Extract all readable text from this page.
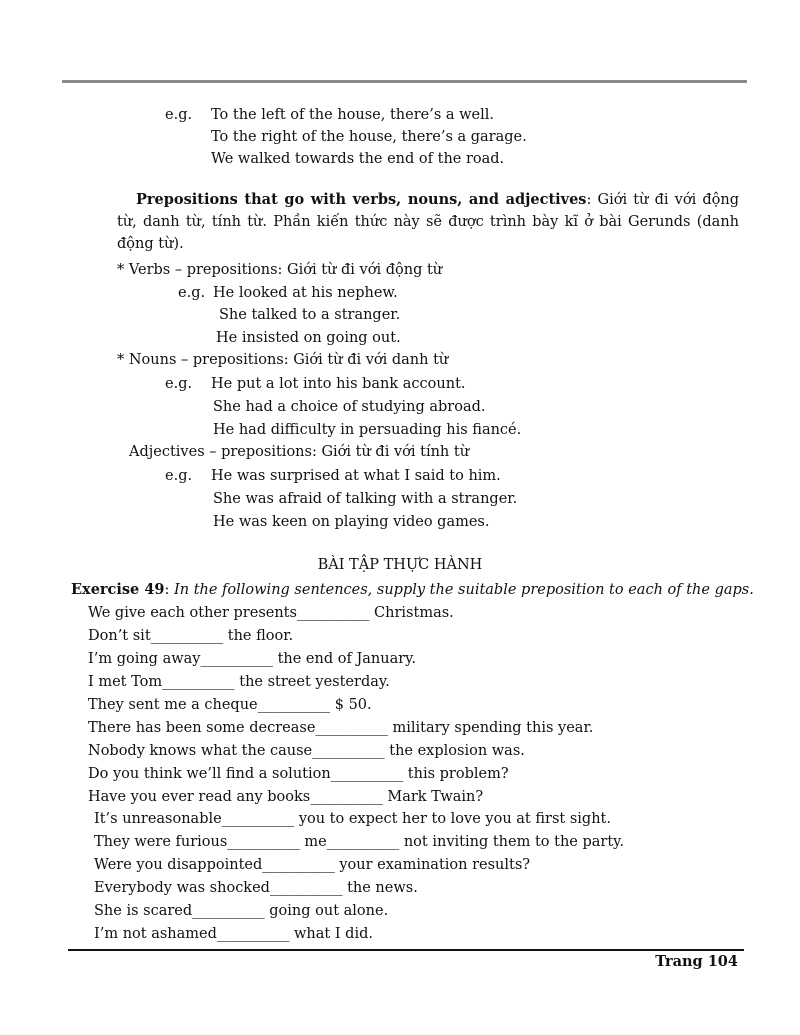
e.g. To the left of the house, there’s a well.
To the right of the house, there’s a garage.
We walked towards the end of the road.
Prepositions that go with verbs, nouns, and adjectives: Giới từ đi với động từ, danh từ, tính từ. Phần kiến thức này sẽ được trình bày kĩ ở bài Gerunds (danh động từ).
* Verbs – prepositions: Giới từ đi với động từ
e.g. He looked at his nephew.
She talked to a stranger.
He insisted on going out.
* Nouns – prepositions: Giới từ đi với danh từ
e.g. He put a lot into his bank account.
She had a choice of studying abroad.
He had difficulty in persuading his fiancé.
Adjectives – prepositions: Giới từ đi với tính từ
e.g. He was surprised at what I said to him.
She was afraid of talking with a stranger.
He was keen on playing video games.
BÀI TẬP THỰC HÀNH
Exercise 49: In the following sentences, supply the suitable preposition to each of the gaps.
We give each other presents__________ Christmas.
Don’t sit__________ the floor.
I’m going away__________ the end of January.
I met Tom__________ the street yesterday.
They sent me a cheque__________ $ 50.
There has been some decrease__________ military spending this year.
Nobody knows what the cause__________ the explosion was.
Do you think we’ll find a solution__________ this problem?
Have you ever read any books__________ Mark Twain?
It’s unreasonable__________ you to expect her to love you at first sight.
They were furious__________ me__________ not inviting them to the party.
Were you disappointed__________ your examination results?
Everybody was shocked__________ the news.
She is scared__________ going out alone.
I’m not ashamed__________ what I did.
Trang 104
